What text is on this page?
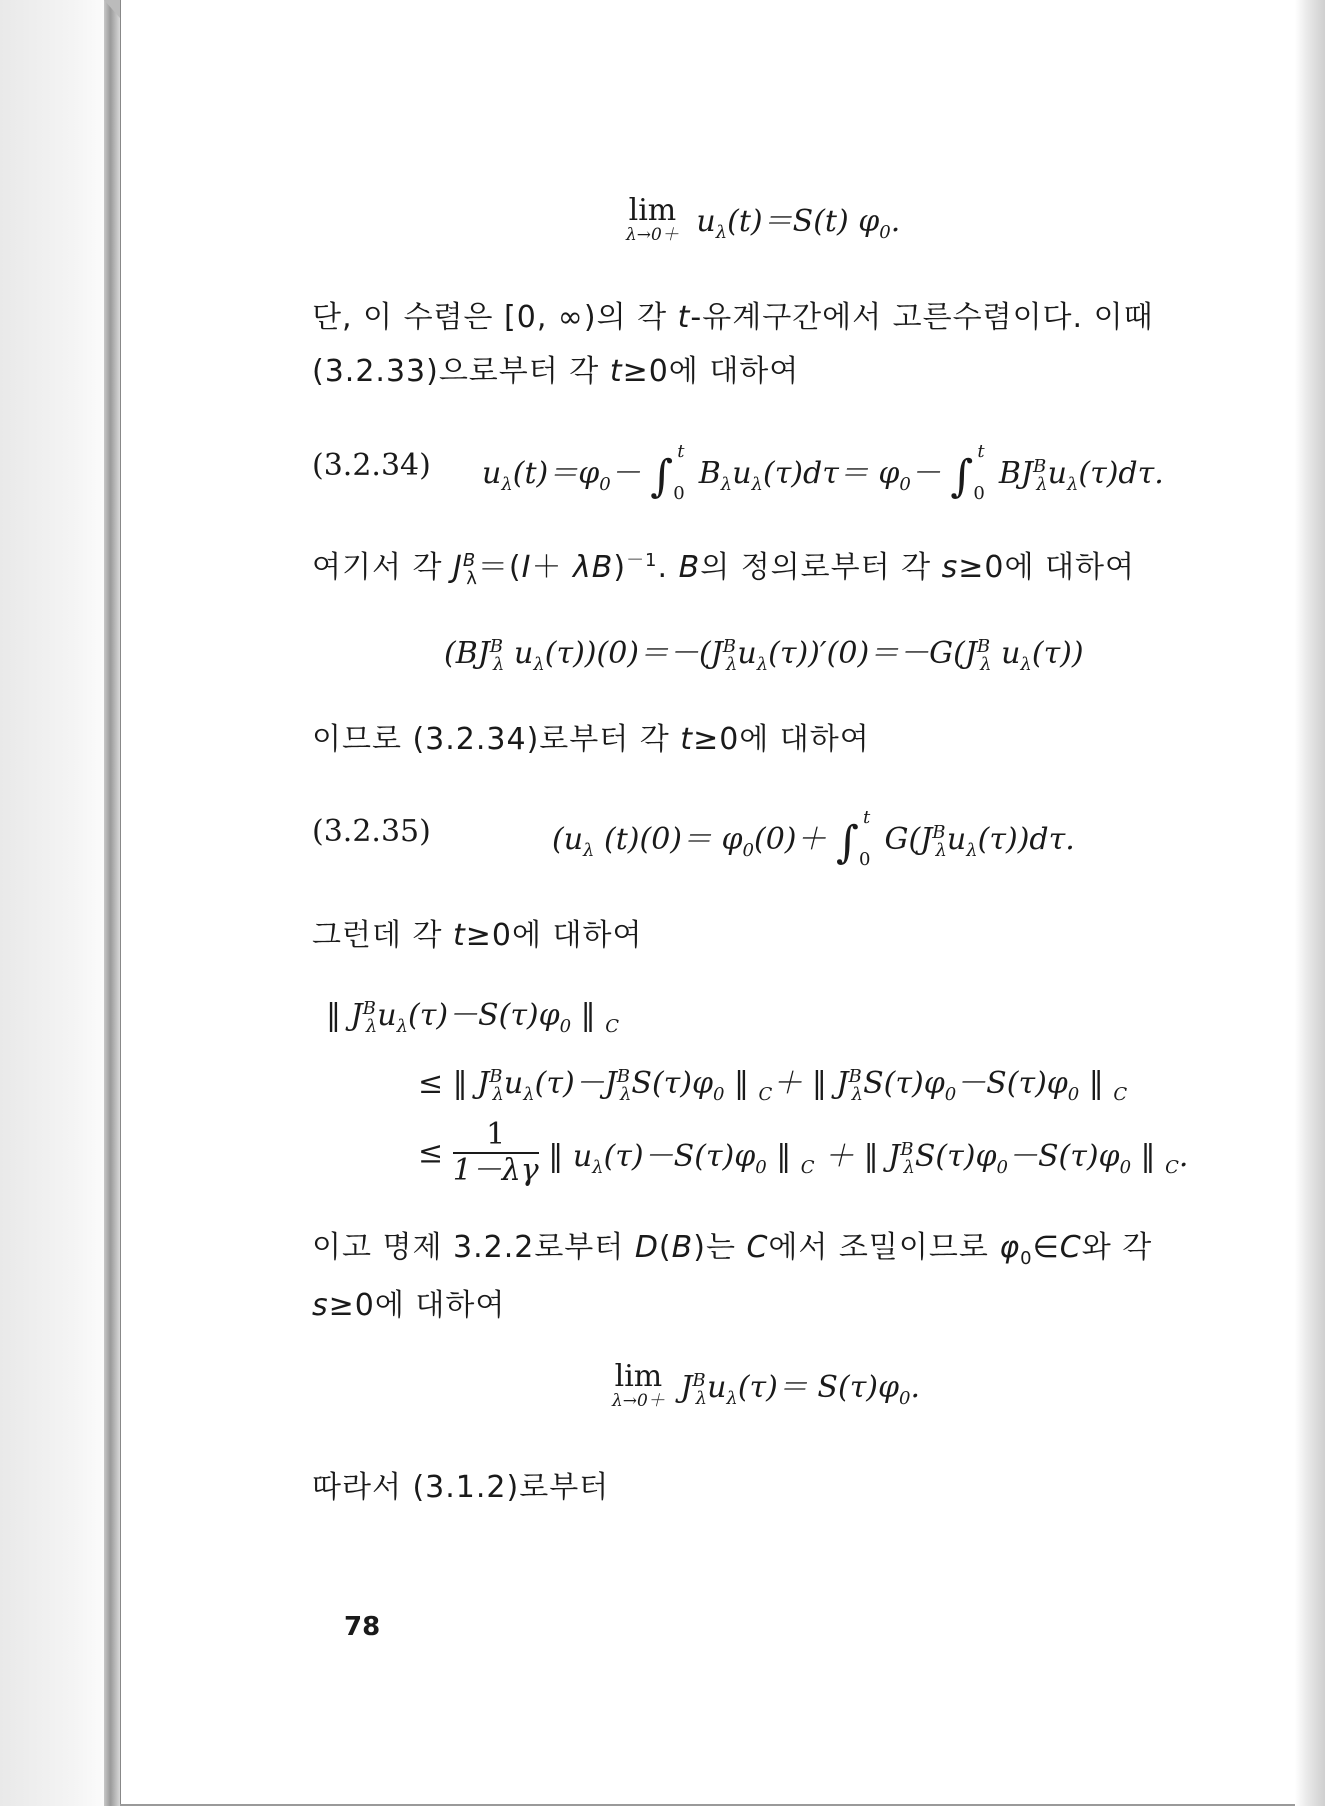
lim
$\lambda\to 0+ u_\lambda(t)=S(t)$ $\varphi_0$.
단, 이 수렴은 [0, ∞)의 각 t-유계구간에서 고른수렴이다. 이때
(3.2.33)으로부터 각 t≥0에 대하여
(3.2.34) $u_\lambda(t)=\varphi_0-$ ∫ t
0
$B_\lambda u_\lambda(\tau)d\tau= \varphi_0-$ ∫ t
0
$BJ^B_\lambda u_\lambda(\tau)d\tau$.
여기서 각 $J^B_\lambda=(I+ \lambda B)^{-1}$. B의 정의로부터 각 s≥0에 대하여
($BJ^B_\lambda$ $u_\lambda(\tau))(0)=-(J^B_\lambda u_\lambda(\tau))'(0)=-G(J^B_\lambda$ $u_\lambda(\tau)$)
이므로 (3.2.34)로부터 각 t≥0에 대하여
(3.2.35)	($u_\lambda$ $(t)(0)= \varphi_0(0)+$ ∫ t
0
$G(J^B_\lambda u_\lambda(\tau))d\tau$.
그런데 각 t≥0에 대하여
‖ $J^B_\lambda u_\lambda(\tau)-S(\tau)\varphi_0$ ‖ $_C$
≤ ‖ $J^B_\lambda u_\lambda(\tau)-J^B_\lambda S(\tau)\varphi_0$ ‖ $_C$＋ ‖ $J^B_\lambda S(\tau)\varphi_0-S(\tau)\varphi_0$ ‖ $_C$
≤ $\frac{1}{1-\lambda\gamma}$ ‖ $u_\lambda(\tau)-S(\tau)\varphi_0$ ‖ $_C$ ＋ ‖ $J^B_\lambda S(\tau)\varphi_0-S(\tau)\varphi_0$ ‖ $_C$.
이고 명제 3.2.2로부터 D(B)는 C에서 조밀이므로 $\varphi_0\in C$와 각
s≥0에 대하여
lim
$\lambda\to 0+ J^B_\lambda u_\lambda(\tau)= S(\tau)\varphi_0$.
따라서 (3.1.2)로부터
78
